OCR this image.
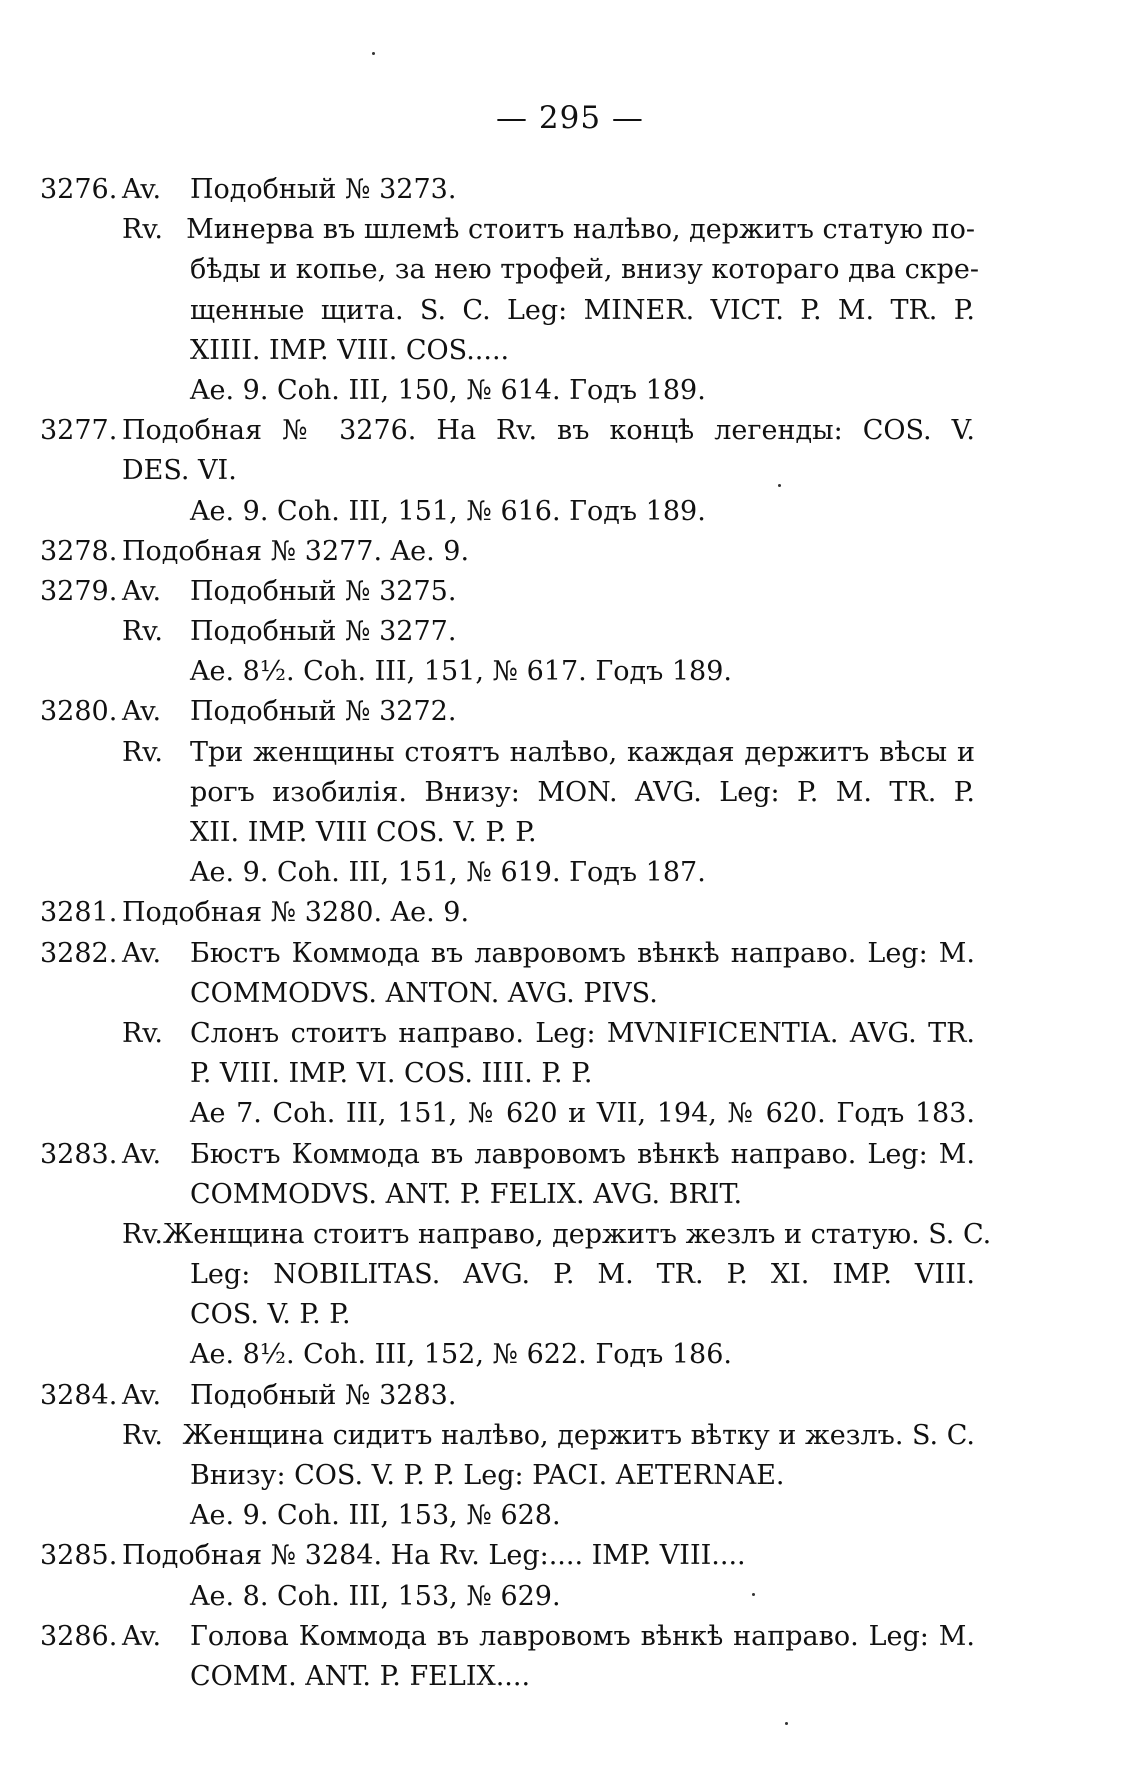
— 295 —
3276. Av. Подобный № 3273.
Rv. Минерва въ шлемѣ стоитъ налѣво, держитъ статую по-
бѣды и копье, за нею трофей, внизу котораго два скре-
щенные щита. S. C. Leg: MINER. VICT. P. M. TR. P.
XIIII. IMP. VIII. COS.....
Ae. 9. Coh. III, 150, № 614. Годъ 189.
3277. Подобная № 3276. На Rv. въ концѣ легенды: COS. V.
DES. VI.
Ae. 9. Coh. III, 151, № 616. Годъ 189.
3278. Подобная № 3277. Ae. 9.
3279. Av. Подобный № 3275.
Rv. Подобный № 3277.
Ae. 8½. Coh. III, 151, № 617. Годъ 189.
3280. Av. Подобный № 3272.
Rv.	Три женщины стоятъ налѣво, каждая держитъ вѣсы и
рогъ изобилія. Внизу: MON. AVG. Leg: P. M. TR. P.
XII. IMP. VIII COS. V. P. P.
Ae. 9. Coh. III, 151, № 619. Годъ 187.
3281. Подобная № 3280. Ae. 9.
3282. Av.	Бюстъ Коммода въ лавровомъ вѣнкѣ направо. Leg: M.
COMMODVS. ANTON. AVG. PIVS.
Rv.	Слонъ стоитъ направо. Leg: MVNIFICENTIA. AVG. TR.
P. VIII. IMP. VI. COS. IIII. P. P.
Ae 7. Coh. III, 151, № 620 и VII, 194, № 620. Годъ 183.
3283. Av.	Бюстъ Коммода въ лавровомъ вѣнкѣ направо. Leg: M.
COMMODVS. ANT. P. FELIX. AVG. BRIT.
Rv. Женщина стоитъ направо, держитъ жезлъ и статую. S. C.
Leg: NOBILITAS. AVG. P. M. TR. P. XI. IMP. VIII.
COS. V. P. P.
Ae. 8½. Coh. III, 152, № 622. Годъ 186.
3284. Av. Подобный № 3283.
Rv. Женщина сидитъ налѣво, держитъ вѣтку и жезлъ. S. C.
Внизу: COS. V. P. P. Leg: PACI. AETERNAE.
Ae. 9. Coh. III, 153, № 628.
3285. Подобная № 3284. На Rv. Leg:.... IMP. VIII....
Ae. 8. Coh. III, 153, № 629.
3286. Av.	Голова Коммода въ лавровомъ вѣнкѣ направо. Leg: M.
COMM. ANT. P. FELIX....
